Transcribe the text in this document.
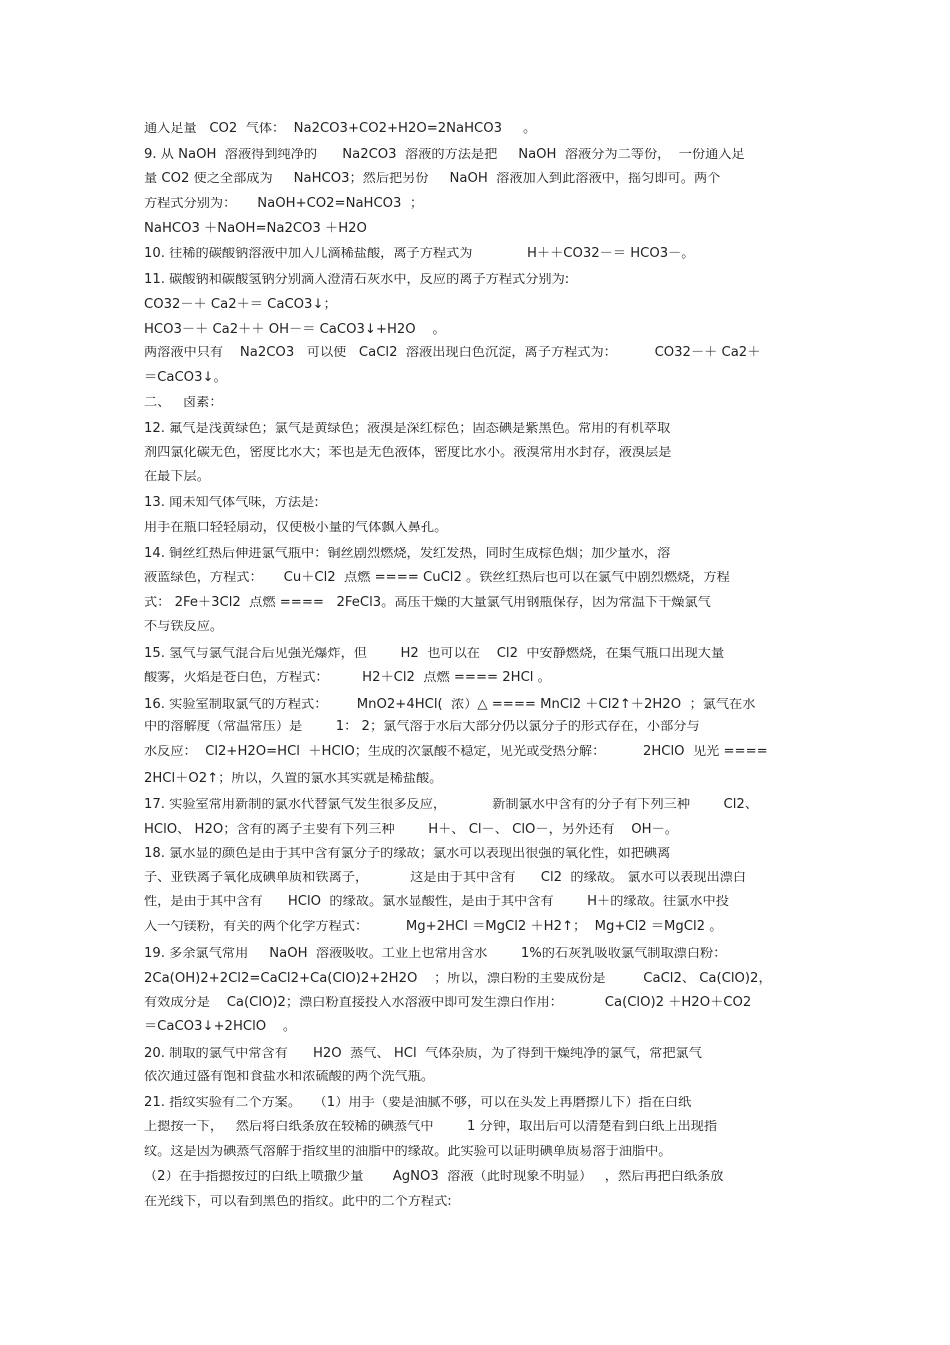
通入足量   CO2  气体：  Na2CO3+CO2+H2O=2NaHCO3     。
9. 从 NaOH  溶液得到纯净的      Na2CO3  溶液的方法是把     NaOH  溶液分为二等份，  一份通入足
量 CO2 使之全部成为     NaHCO3；然后把另份     NaOH  溶液加入到此溶液中，摇匀即可。两个
方程式分别为：     NaOH+CO2=NaHCO3  ；
NaHCO3 ＋NaOH=Na2CO3 ＋H2O
10. 往稀的碳酸钠溶液中加入几滴稀盐酸，离子方程式为             H＋＋CO32－＝ HCO3－。
11. 碳酸钠和碳酸氢钠分别滴入澄清石灰水中，反应的离子方程式分别为:
CO32－＋ Ca2＋＝ CaCO3↓；
HCO3－＋ Ca2＋＋ OH－＝ CaCO3↓+H2O    。
两溶液中只有    Na2CO3   可以使   CaCl2  溶液出现白色沉淀，离子方程式为：         CO32－＋ Ca2＋
＝CaCO3↓。
二、   卤素：
12. 氟气是浅黄绿色；氯气是黄绿色；液溴是深红棕色；固态碘是紫黑色。常用的有机萃取
剂四氯化碳无色，密度比水大；苯也是无色液体，密度比水小。液溴常用水封存，液溴层是
在最下层。
13. 闻未知气体气味，方法是:
用手在瓶口轻轻扇动，仅使极小量的气体飘入鼻孔。
14. 铜丝红热后伸进氯气瓶中：铜丝剧烈燃烧，发红发热，同时生成棕色烟；加少量水，溶
液蓝绿色，方程式：     Cu＋Cl2  点燃 ==== CuCl2 。铁丝红热后也可以在氯气中剧烈燃烧，方程
式： 2Fe＋3Cl2  点燃 ====   2FeCl3。高压干燥的大量氯气用钢瓶保存，因为常温下干燥氯气
不与铁反应。
15. 氢气与氯气混合后见强光爆炸，但        H2  也可以在    Cl2  中安静燃烧，在集气瓶口出现大量
酸雾，火焰是苍白色，方程式：        H2＋Cl2  点燃 ==== 2HCl 。
16. 实验室制取氯气的方程式：       MnO2+4HCl(  浓）△ ==== MnCl2 ＋Cl2↑＋2H2O  ；氯气在水
中的溶解度（常温常压）是        1： 2；氯气溶于水后大部分仍以氯分子的形式存在，小部分与
水反应：  Cl2+H2O=HCl  ＋HClO；生成的次氯酸不稳定，见光或受热分解：         2HClO  见光 ====
2HCl＋O2↑；所以，久置的氯水其实就是稀盐酸。
17. 实验室常用新制的氯水代替氯气发生很多反应，           新制氯水中含有的分子有下列三种        Cl2、
HClO、 H2O；含有的离子主要有下列三种        H＋、 Cl－、 ClO－，另外还有    OH－。
18. 氯水显的颜色是由于其中含有氯分子的缘故；氯水可以表现出很强的氧化性，如把碘离
子、亚铁离子氧化成碘单质和铁离子，          这是由于其中含有      Cl2  的缘故。 氯水可以表现出漂白
性，是由于其中含有      HClO  的缘故。氯水显酸性，是由于其中含有        H＋的缘故。往氯水中投
入一勺镁粉，有关的两个化学方程式：         Mg+2HCl ＝MgCl2 ＋H2↑；  Mg+Cl2 ＝MgCl2 。
19. 多余氯气常用     NaOH  溶液吸收。工业上也常用含水        1%的石灰乳吸收氯气制取漂白粉：
2Ca(OH)2+2Cl2=CaCl2+Ca(ClO)2+2H2O    ；所以，漂白粉的主要成份是         CaCl2、 Ca(ClO)2，
有效成分是    Ca(ClO)2；漂白粉直接投入水溶液中即可发生漂白作用：          Ca(ClO)2 ＋H2O＋CO2
＝CaCO3↓+2HClO    。
20. 制取的氯气中常含有      H2O  蒸气、 HCl  气体杂质，为了得到干燥纯净的氯气，常把氯气
依次通过盛有饱和食盐水和浓硫酸的两个洗气瓶。
21. 指纹实验有二个方案。   （1）用手（要是油腻不够，可以在头发上再磨擦几下）指在白纸
上摁按一下，   然后将白纸条放在较稀的碘蒸气中        1 分钟，取出后可以清楚看到白纸上出现指
纹。这是因为碘蒸气溶解于指纹里的油脂中的缘故。此实验可以证明碘单质易溶于油脂中。
（2）在手指摁按过的白纸上喷撒少量       AgNO3  溶液（此时现象不明显）   ，然后再把白纸条放
在光线下，可以看到黑色的指纹。此中的二个方程式:
